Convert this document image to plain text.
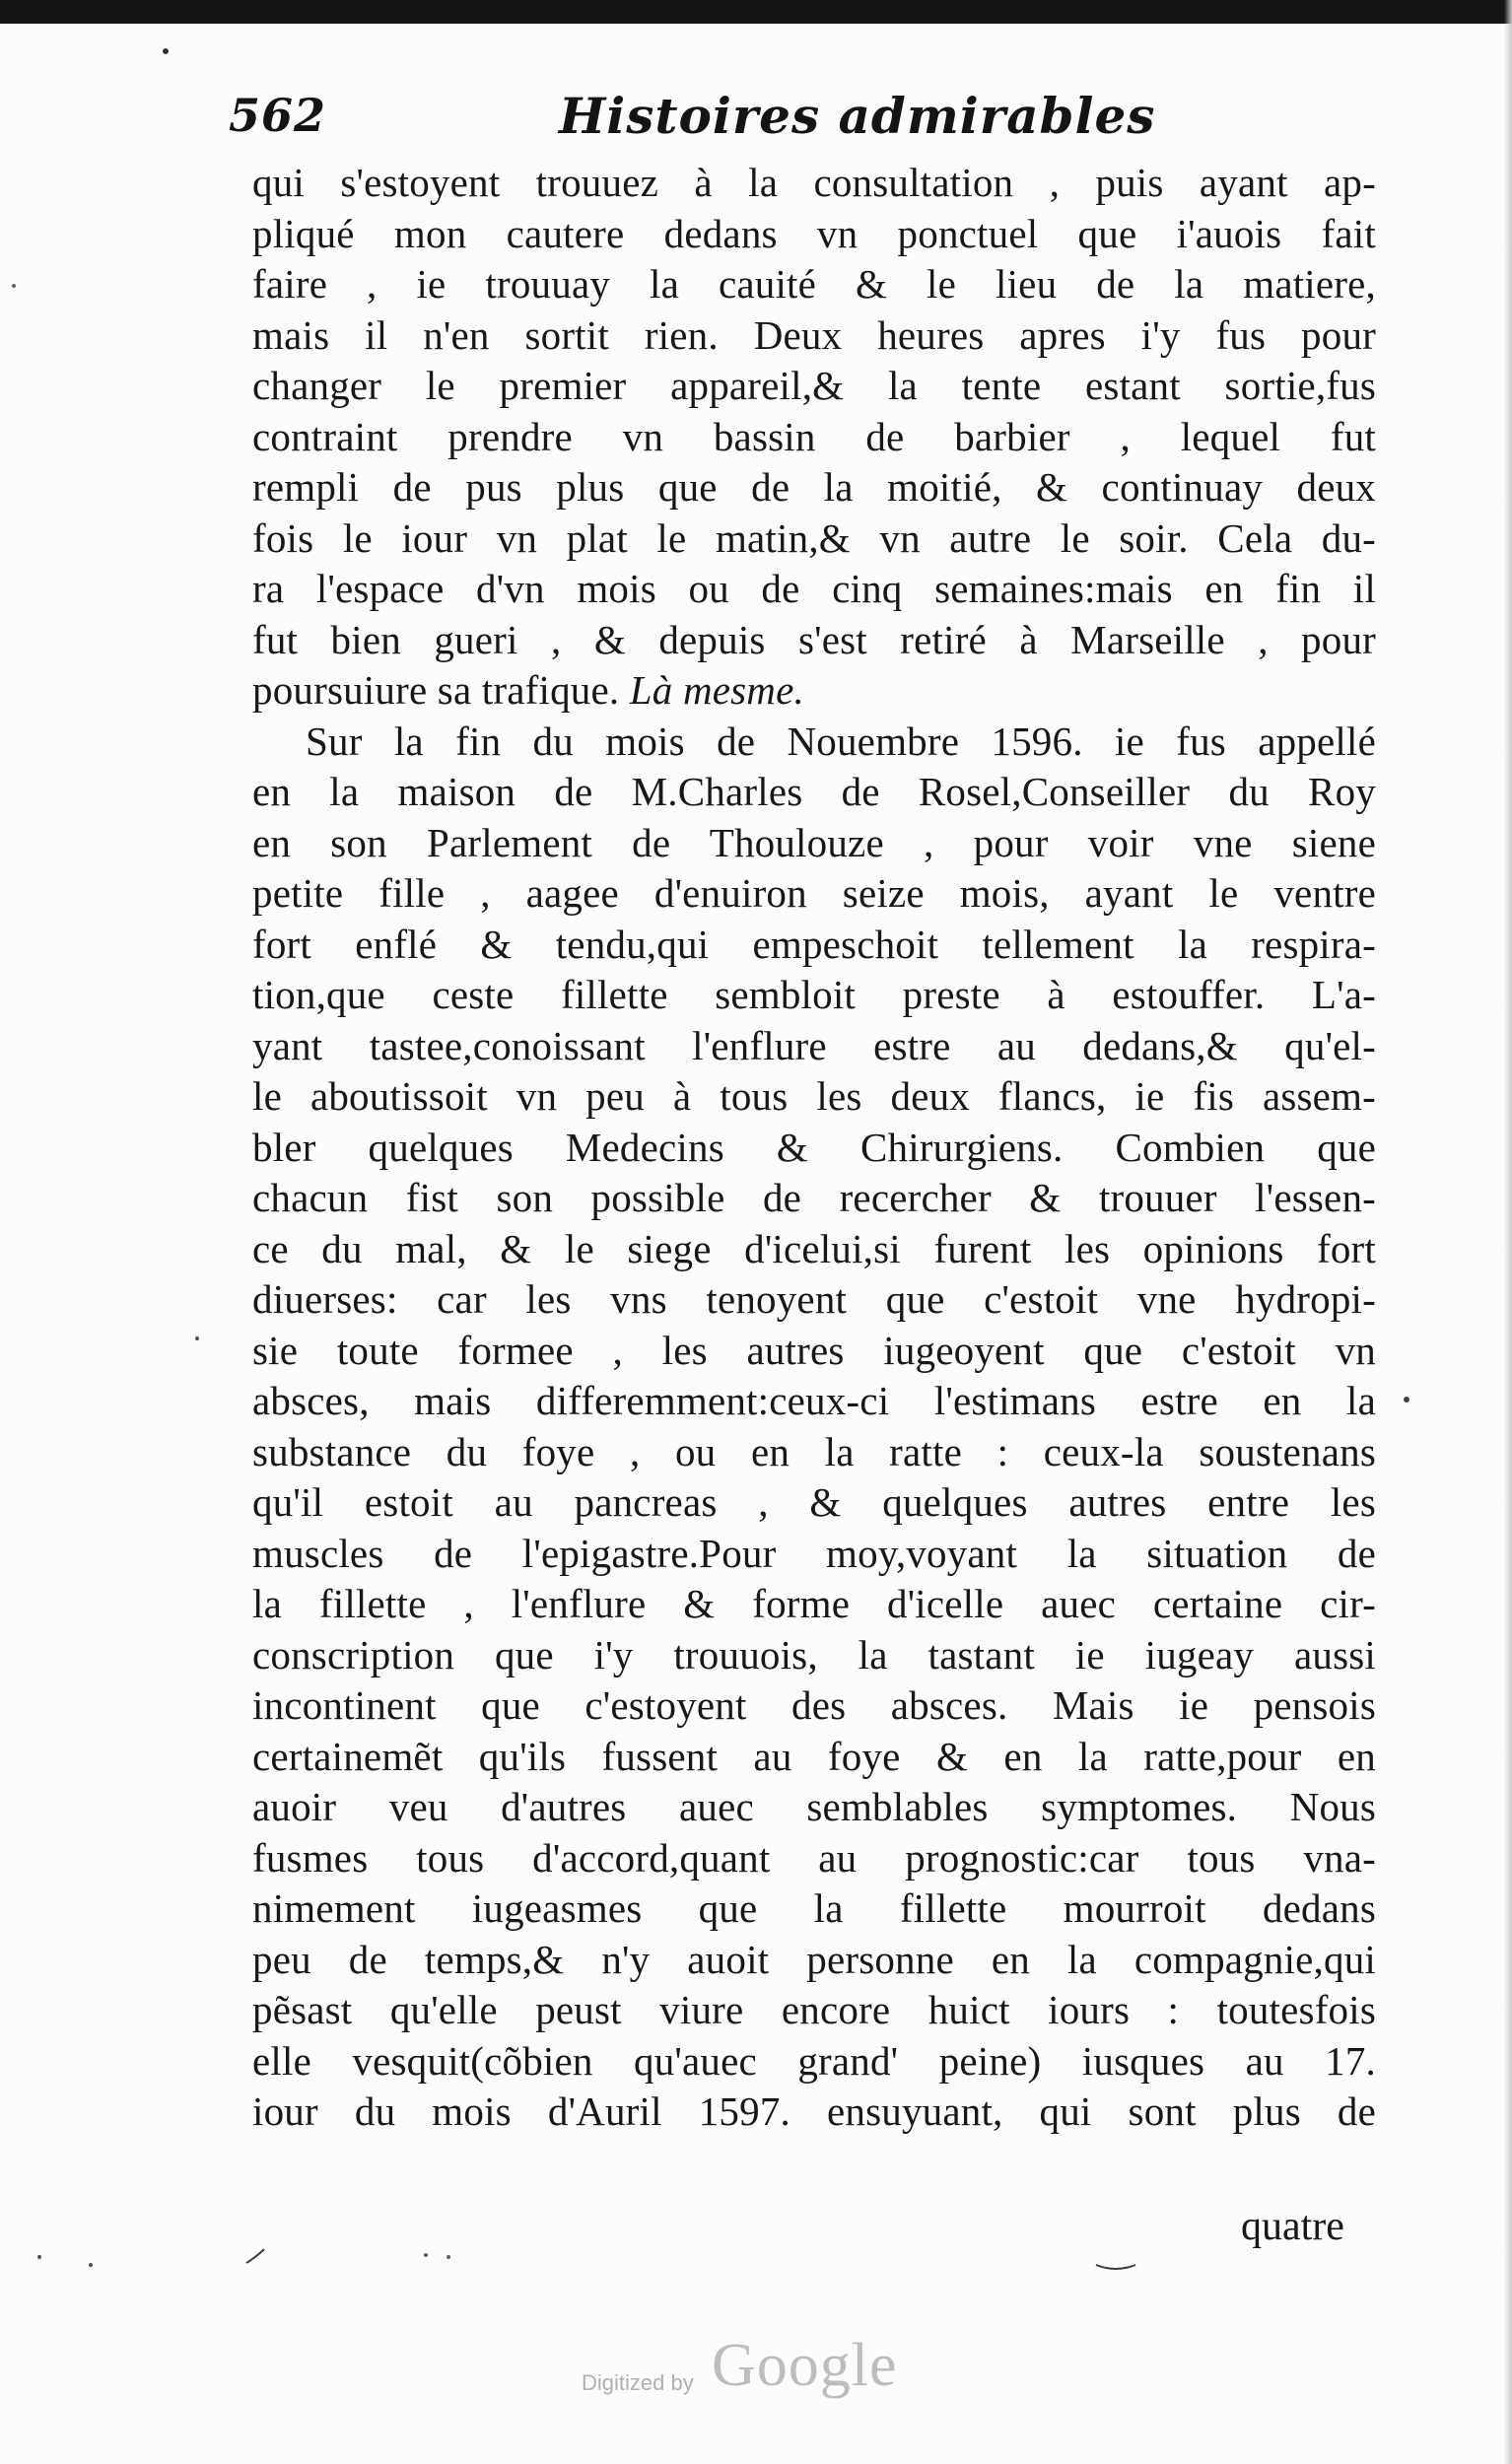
562	Histoires admirables
qui s'estoyent trouuez à la consultation , puis ayant ap-
pliqué mon cautere dedans vn ponctuel que i'auois fait
faire , ie trouuay la cauité & le lieu de la matiere,
mais il n'en sortit rien. Deux heures apres i'y fus pour
changer le premier appareil,& la tente estant sortie,fus
contraint prendre vn bassin de barbier , lequel fut
rempli de pus plus que de la moitié, & continuay deux
fois le iour vn plat le matin,& vn autre le soir. Cela du-
ra l'espace d'vn mois ou de cinq semaines:mais en fin il
fut bien gueri , & depuis s'est retiré à Marseille , pour
poursuiure sa trafique. Là mesme.
Sur la fin du mois de Nouembre 1596. ie fus appellé
en la maison de M.Charles de Rosel,Conseiller du Roy
en son Parlement de Thoulouze , pour voir vne siene
petite fille , aagee d'enuiron seize mois, ayant le ventre
fort enflé & tendu,qui empeschoit tellement la respira-
tion,que ceste fillette sembloit preste à estouffer. L'a-
yant tastee,conoissant l'enflure estre au dedans,& qu'el-
le aboutissoit vn peu à tous les deux flancs, ie fis assem-
bler quelques Medecins & Chirurgiens. Combien que
chacun fist son possible de recercher & trouuer l'essen-
ce du mal, & le siege d'icelui,si furent les opinions fort
diuerses: car les vns tenoyent que c'estoit vne hydropi-
sie toute formee , les autres iugeoyent que c'estoit vn
absces, mais differemment:ceux-ci l'estimans estre en la
substance du foye , ou en la ratte : ceux-la soustenans
qu'il estoit au pancreas , & quelques autres entre les
muscles de l'epigastre.Pour moy,voyant la situation de
la fillette , l'enflure & forme d'icelle auec certaine cir-
conscription que i'y trouuois, la tastant ie iugeay aussi
incontinent que c'estoyent des absces. Mais ie pensois
certainemẽt qu'ils fussent au foye & en la ratte,pour en
auoir veu d'autres auec semblables symptomes. Nous
fusmes tous d'accord,quant au prognostic:car tous vna-
nimement iugeasmes que la fillette mourroit dedans
peu de temps,& n'y auoit personne en la compagnie,qui
pẽsast qu'elle peust viure encore huict iours : toutesfois
elle vesquit(cõbien qu'auec grand' peine) iusques au 17.
iour du mois d'Auril 1597. ensuyuant, qui sont plus de
quatre
Digitized by Google
